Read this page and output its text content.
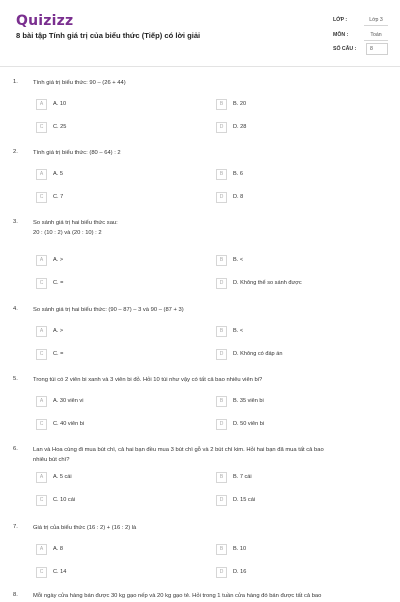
Quizizz
8 bài tập Tính giá trị của biểu thức (Tiếp) có lời giải
LỚP :	Lớp 3
MÔN :	Toán
SỐ CÂU :	8
1.	Tính giá trị biểu thức: 90 – (26 + 44)
A	A. 10	B	B. 20
C	C. 25	D	D. 28
2.	Tính giá trị biểu thức: (80 – 64) : 2
A	A. 5	B	B. 6
C	C. 7	D	D. 8
3.	So sánh giá trị hai biểu thức sau:
20 : (10 : 2) và (20 : 10) : 2
A	A. >	B	B. <
C	C. =	D	D. Không thể so sánh được
4.	So sánh giá trị hai biểu thức: (90 – 87) – 3 và 90 – (87 + 3)
A	A. >	B	B. <
C	C. =	D	D. Không có đáp án
5.	Trong túi có 2 viên bi xanh và 3 viên bi đỏ. Hỏi 10 túi như vậy có tất cả bao nhiêu viên bi?
A	A. 30 viên vi	B	B. 35 viên bi
C	C. 40 viên bi	D	D. 50 viên bi
6.	Lan và Hoa cùng đi mua bút chì, cả hai bạn đều mua 3 bút chì gỗ và 2 bút chì kim. Hỏi hai bạn đã mua tất cả bao
nhiêu bút chì?
A	A. 5 cái	B	B. 7 cái
C	C. 10 cái	D	D. 15 cái
7.	Giá trị của biểu thức (16 : 2) + (16 : 2) là
A	A. 8	B	B. 10
C	C. 14	D	D. 16
8.	Mỗi ngày cửa hàng bán được 30 kg gạo nếp và 20 kg gạo tẻ. Hỏi trong 1 tuần cửa hàng đó bán được tất cả bao
